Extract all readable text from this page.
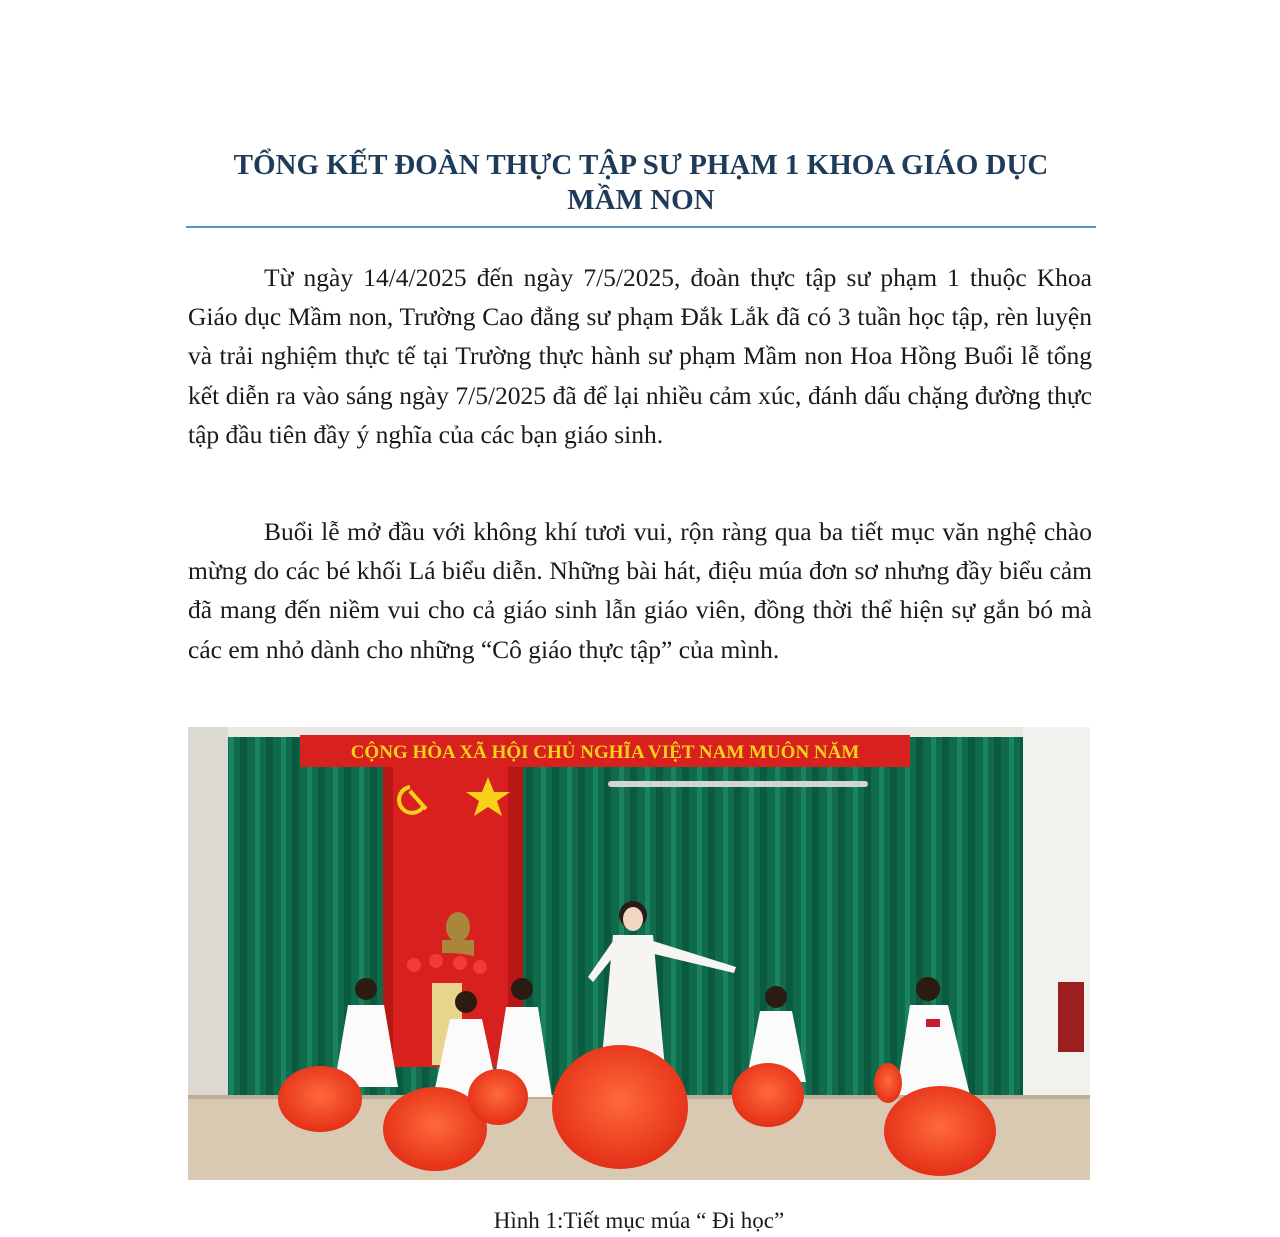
TỔNG KẾT ĐOÀN THỰC TẬP SƯ PHẠM 1 KHOA GIÁO DỤC
MẦM NON

Từ ngày 14/4/2025 đến ngày 7/5/2025, đoàn thực tập sư phạm 1 thuộc Khoa Giáo dục Mầm non, Trường Cao đẳng sư phạm Đắk Lắk đã có 3 tuần học tập, rèn luyện và trải nghiệm thực tế tại Trường thực hành sư phạm Mầm non Hoa Hồng Buổi lễ tổng kết diễn ra vào sáng ngày 7/5/2025 đã để lại nhiều cảm xúc, đánh dấu chặng đường thực tập đầu tiên đầy ý nghĩa của các bạn giáo sinh.

Buổi lễ mở đầu với không khí tươi vui, rộn ràng qua ba tiết mục văn nghệ chào mừng do các bé khối Lá biểu diễn. Những bài hát, điệu múa đơn sơ nhưng đầy biểu cảm đã mang đến niềm vui cho cả giáo sinh lẫn giáo viên, đồng thời thể hiện sự gắn bó mà các em nhỏ dành cho những “Cô giáo thực tập” của mình.

CỘNG HÒA XÃ HỘI CHỦ NGHĨA VIỆT NAM MUÔN NĂM

Hình 1:Tiết mục múa “ Đi học”
